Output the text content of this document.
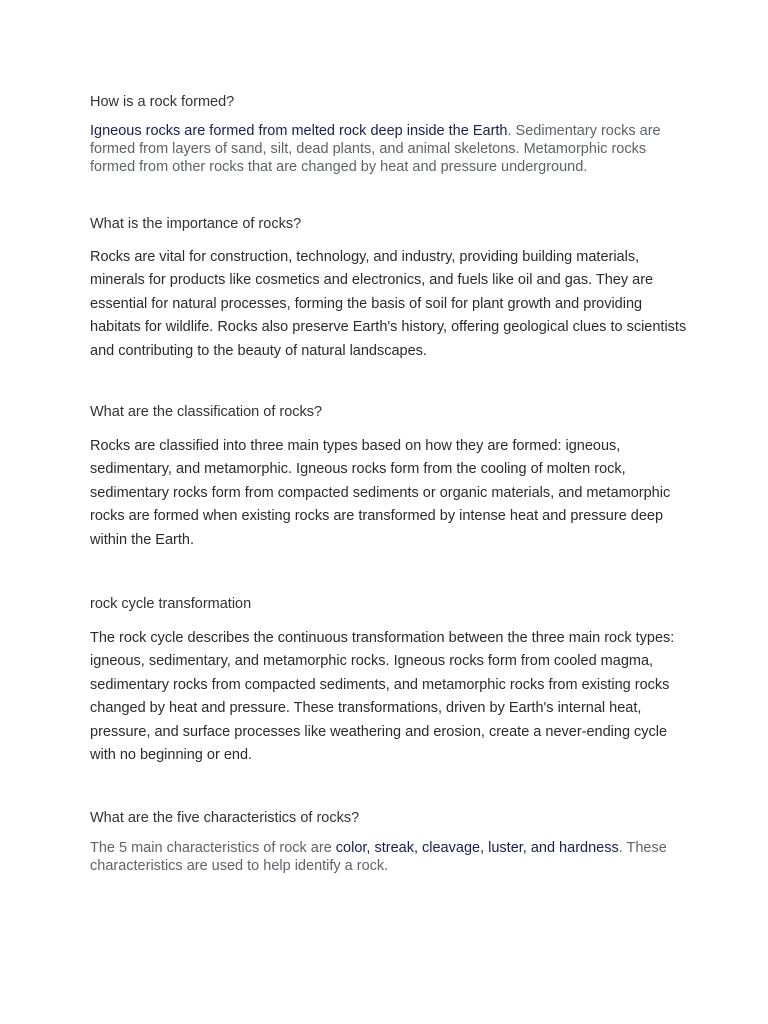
How is a rock formed?
Igneous rocks are formed from melted rock deep inside the Earth. Sedimentary rocks are formed from layers of sand, silt, dead plants, and animal skeletons. Metamorphic rocks formed from other rocks that are changed by heat and pressure underground.
What is the importance of rocks?
Rocks are vital for construction, technology, and industry, providing building materials, minerals for products like cosmetics and electronics, and fuels like oil and gas. They are essential for natural processes, forming the basis of soil for plant growth and providing habitats for wildlife. Rocks also preserve Earth's history, offering geological clues to scientists and contributing to the beauty of natural landscapes.
What are the classification of rocks?
Rocks are classified into three main types based on how they are formed: igneous, sedimentary, and metamorphic. Igneous rocks form from the cooling of molten rock, sedimentary rocks form from compacted sediments or organic materials, and metamorphic rocks are formed when existing rocks are transformed by intense heat and pressure deep within the Earth.
rock cycle transformation
The rock cycle describes the continuous transformation between the three main rock types: igneous, sedimentary, and metamorphic rocks. Igneous rocks form from cooled magma, sedimentary rocks from compacted sediments, and metamorphic rocks from existing rocks changed by heat and pressure. These transformations, driven by Earth's internal heat, pressure, and surface processes like weathering and erosion, create a never-ending cycle with no beginning or end.
What are the five characteristics of rocks?
The 5 main characteristics of rock are color, streak, cleavage, luster, and hardness. These characteristics are used to help identify a rock.
